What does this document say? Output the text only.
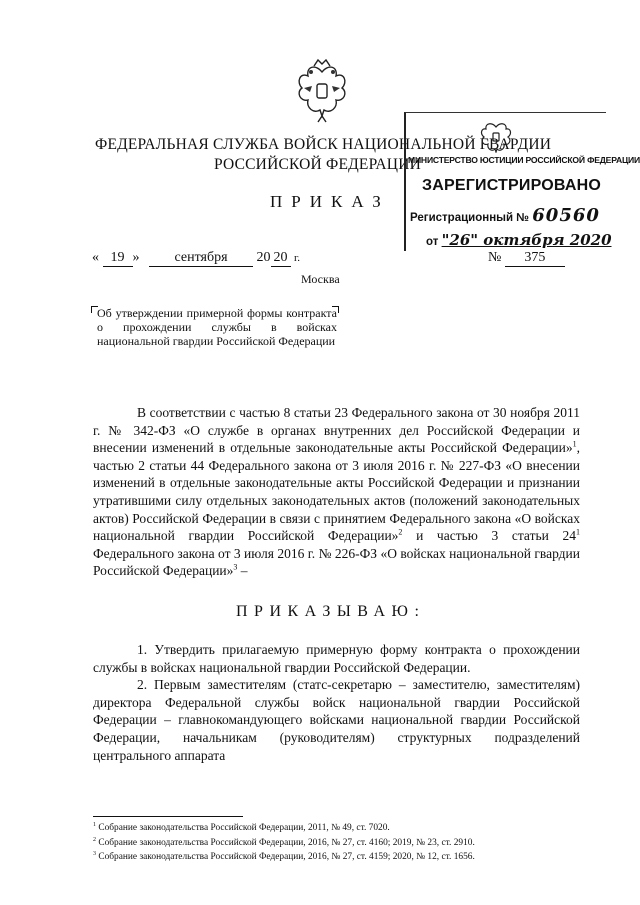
ФЕДЕРАЛЬНАЯ СЛУЖБА ВОЙСК НАЦИОНАЛЬНОЙ ГВАРДИИ
РОССИЙСКОЙ ФЕДЕРАЦИИ
ПРИКАЗ
МИНИСТЕРСТВО ЮСТИЦИИ РОССИЙСКОЙ ФЕДЕРАЦИИ
ЗАРЕГИСТРИРОВАНО
Регистрационный № 60560
от "26" октября 2020
« 19 » сентября 20 20 г.	№ 375
Москва
Об утверждении примерной формы контракта о прохождении службы в войсках национальной гвардии Российской Федерации

В соответствии с частью 8 статьи 23 Федерального закона от 30 ноября 2011 г. № 342-ФЗ «О службе в органах внутренних дел Российской Федерации и внесении изменений в отдельные законодательные акты Российской Федерации»$^1$, частью 2 статьи 44 Федерального закона от 3 июля 2016 г. № 227-ФЗ «О внесении изменений в отдельные законодательные акты Российской Федерации и признании утратившими силу отдельных законодательных актов (положений законодательных актов) Российской Федерации в связи с принятием Федерального закона «О войсках национальной гвардии Российской Федерации»$^2$ и частью 3 статьи $24^1$ Федерального закона от 3 июля 2016 г. № 226-ФЗ «О войсках национальной гвардии Российской Федерации»$^3$ –

ПРИКАЗЫВАЮ:

1. Утвердить прилагаемую примерную форму контракта о прохождении службы в войсках национальной гвардии Российской Федерации.

2. Первым заместителям (статс-секретарю – заместителю, заместителям) директора Федеральной службы войск национальной гвардии Российской Федерации – главнокомандующего войсками национальной гвардии Российской Федерации, начальникам (руководителям) структурных подразделений центрального аппарата

$^1$ Собрание законодательства Российской Федерации, 2011, № 49, ст. 7020.
$^2$ Собрание законодательства Российской Федерации, 2016, № 27, ст. 4160; 2019, № 23, ст. 2910.
$^3$ Собрание законодательства Российской Федерации, 2016, № 27, ст. 4159; 2020, № 12, ст. 1656.
